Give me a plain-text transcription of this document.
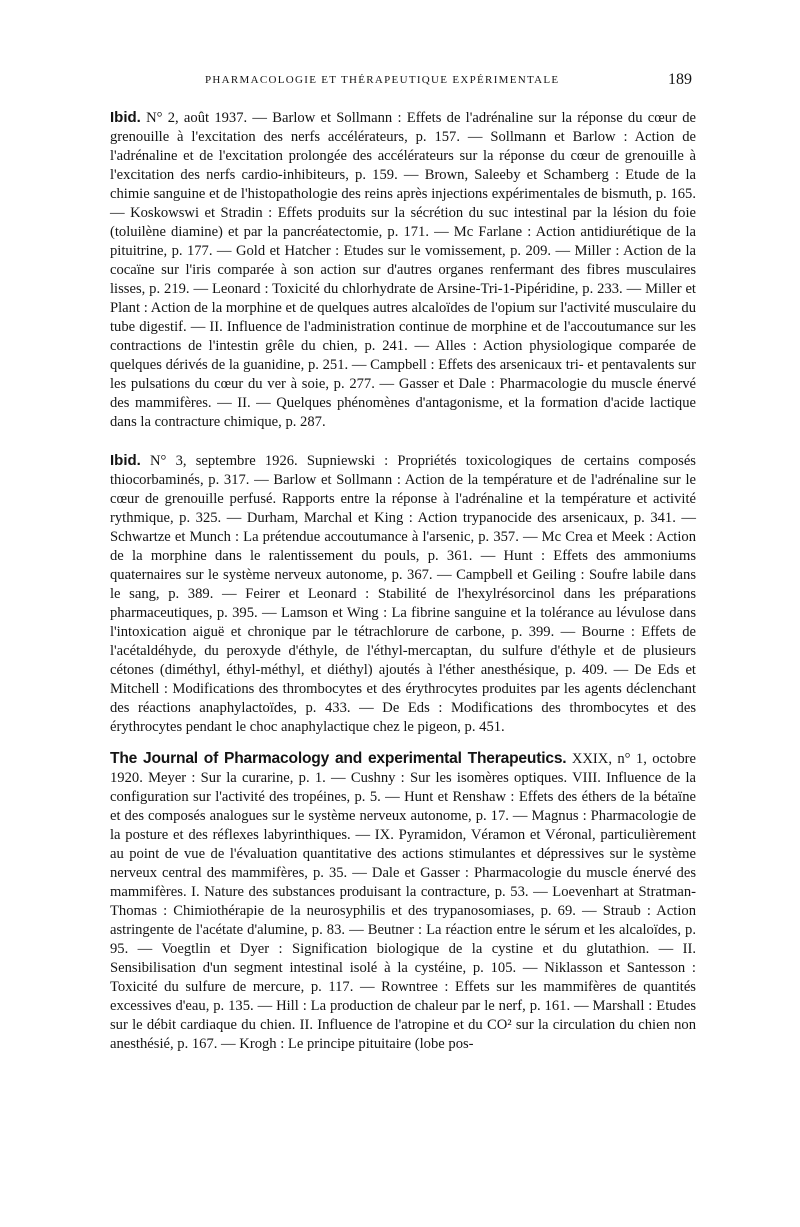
PHARMACOLOGIE ET THÉRAPEUTIQUE EXPÉRIMENTALE	189

Ibid. N° 2, août 1937. — Barlow et Sollmann : Effets de l'adrénaline sur la réponse du cœur de grenouille à l'excitation des nerfs accélérateurs, p. 157. — Sollmann et Barlow : Action de l'adrénaline et de l'excitation prolongée des accélérateurs sur la réponse du cœur de grenouille à l'excitation des nerfs cardio-inhibiteurs, p. 159. — Brown, Saleeby et Schamberg : Etude de la chimie sanguine et de l'histopathologie des reins après injections expérimentales de bismuth, p. 165. — Koskowswi et Stradin : Effets produits sur la sécrétion du suc intestinal par la lésion du foie (toluilène diamine) et par la pancréatectomie, p. 171. — Mc Farlane : Action antidiurétique de la pituitrine, p. 177. — Gold et Hatcher : Etudes sur le vomissement, p. 209. — Miller : Action de la cocaïne sur l'iris comparée à son action sur d'autres organes renfermant des fibres musculaires lisses, p. 219. — Leonard : Toxicité du chlorhydrate de Arsine-Tri-1-Pipéridine, p. 233. — Miller et Plant : Action de la morphine et de quelques autres alcaloïdes de l'opium sur l'activité musculaire du tube digestif. — II. Influence de l'administration continue de morphine et de l'accoutumance sur les contractions de l'intestin grêle du chien, p. 241. — Alles : Action physiologique comparée de quelques dérivés de la guanidine, p. 251. — Campbell : Effets des arsenicaux tri- et pentavalents sur les pulsations du cœur du ver à soie, p. 277. — Gasser et Dale : Pharmacologie du muscle énervé des mammifères. — II. — Quelques phénomènes d'antagonisme, et la formation d'acide lactique dans la contracture chimique, p. 287.

Ibid. N° 3, septembre 1926. Supniewski : Propriétés toxicologiques de certains composés thiocorbaminés, p. 317. — Barlow et Sollmann : Action de la température et de l'adrénaline sur le cœur de grenouille perfusé. Rapports entre la réponse à l'adrénaline et la température et activité rythmique, p. 325. — Durham, Marchal et King : Action trypanocide des arsenicaux, p. 341. — Schwartze et Munch : La prétendue accoutumance à l'arsenic, p. 357. — Mc Crea et Meek : Action de la morphine dans le ralentissement du pouls, p. 361. — Hunt : Effets des ammoniums quaternaires sur le système nerveux autonome, p. 367. — Campbell et Geiling : Soufre labile dans le sang, p. 389. — Feirer et Leonard : Stabilité de l'hexylrésorcinol dans les préparations pharmaceutiques, p. 395. — Lamson et Wing : La fibrine sanguine et la tolérance au lévulose dans l'intoxication aiguë et chronique par le tétrachlorure de carbone, p. 399. — Bourne : Effets de l'acétaldéhyde, du peroxyde d'éthyle, de l'éthyl-mercaptan, du sulfure d'éthyle et de plusieurs cétones (diméthyl, éthyl-méthyl, et diéthyl) ajoutés à l'éther anesthésique, p. 409. — De Eds et Mitchell : Modifications des thrombocytes et des érythrocytes produites par les agents déclenchant des réactions anaphylactoïdes, p. 433. — De Eds : Modifications des thrombocytes et des érythrocytes pendant le choc anaphylactique chez le pigeon, p. 451.

The Journal of Pharmacology and experimental Therapeutics. XXIX, n° 1, octobre 1920. Meyer : Sur la curarine, p. 1. — Cushny : Sur les isomères optiques. VIII. Influence de la configuration sur l'activité des tropéines, p. 5. — Hunt et Renshaw : Effets des éthers de la bétaïne et des composés analogues sur le système nerveux autonome, p. 17. — Magnus : Pharmacologie de la posture et des réflexes labyrinthiques. — IX. Pyramidon, Véramon et Véronal, particulièrement au point de vue de l'évaluation quantitative des actions stimulantes et dépressives sur le système nerveux central des mammifères, p. 35. — Dale et Gasser : Pharmacologie du muscle énervé des mammifères. I. Nature des substances produisant la contracture, p. 53. — Loevenhart at Stratman-Thomas : Chimiothérapie de la neurosyphilis et des trypanosomiases, p. 69. — Straub : Action astringente de l'acétate d'alumine, p. 83. — Beutner : La réaction entre le sérum et les alcaloïdes, p. 95. — Voegtlin et Dyer : Signification biologique de la cystine et du glutathion. — II. Sensibilisation d'un segment intestinal isolé à la cystéine, p. 105. — Niklasson et Santesson : Toxicité du sulfure de mercure, p. 117. — Rowntree : Effets sur les mammifères de quantités excessives d'eau, p. 135. — Hill : La production de chaleur par le nerf, p. 161. — Marshall : Etudes sur le débit cardiaque du chien. II. Influence de l'atropine et du CO² sur la circulation du chien non anesthésié, p. 167. — Krogh : Le principe pituitaire (lobe pos-
